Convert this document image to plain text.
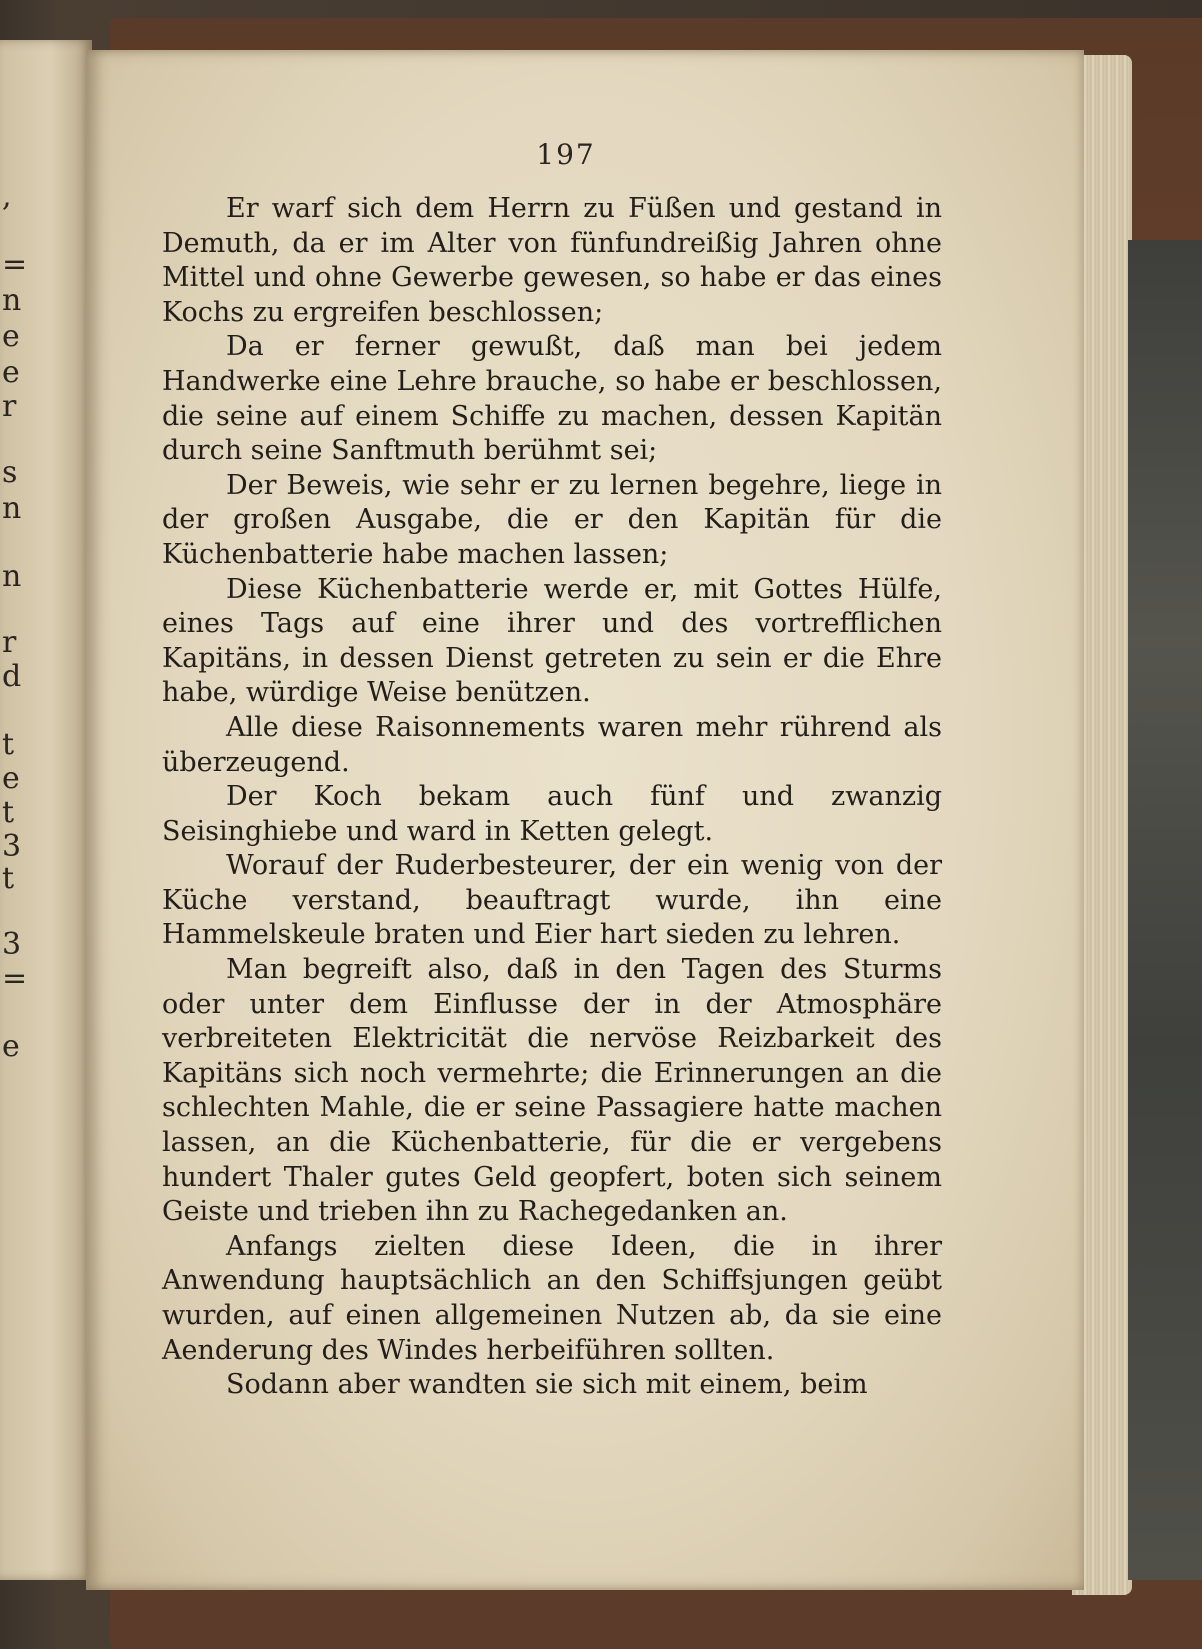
,
=
n
e
e
r
s
n
n
r
d
t
e
t
3
t
3
=
e
197

Er warf sich dem Herrn zu Füßen und gestand in Demuth, da er im Alter von fünfundreißig Jahren ohne Mittel und ohne Gewerbe gewesen, so habe er das eines Kochs zu ergreifen beschlossen;

Da er ferner gewußt, daß man bei jedem Handwerke eine Lehre brauche, so habe er beschlossen, die seine auf einem Schiffe zu machen, dessen Kapitän durch seine Sanftmuth berühmt sei;

Der Beweis, wie sehr er zu lernen begehre, liege in der großen Ausgabe, die er den Kapitän für die Küchenbatterie habe machen lassen;

Diese Küchenbatterie werde er, mit Gottes Hülfe, eines Tags auf eine ihrer und des vortrefflichen Kapitäns, in dessen Dienst getreten zu sein er die Ehre habe, würdige Weise benützen.

Alle diese Raisonnements waren mehr rührend als überzeugend.

Der Koch bekam auch fünf und zwanzig Seisinghiebe und ward in Ketten gelegt.

Worauf der Ruderbesteurer, der ein wenig von der Küche verstand, beauftragt wurde, ihn eine Hammelskeule braten und Eier hart sieden zu lehren.

Man begreift also, daß in den Tagen des Sturms oder unter dem Einflusse der in der Atmosphäre verbreiteten Elektricität die nervöse Reizbarkeit des Kapitäns sich noch vermehrte; die Erinnerungen an die schlechten Mahle, die er seine Passagiere hatte machen lassen, an die Küchenbatterie, für die er vergebens hundert Thaler gutes Geld geopfert, boten sich seinem Geiste und trieben ihn zu Rachegedanken an.

Anfangs zielten diese Ideen, die in ihrer Anwendung hauptsächlich an den Schiffsjungen geübt wurden, auf einen allgemeinen Nutzen ab, da sie eine Aenderung des Windes herbeiführen sollten.

Sodann aber wandten sie sich mit einem, beim
